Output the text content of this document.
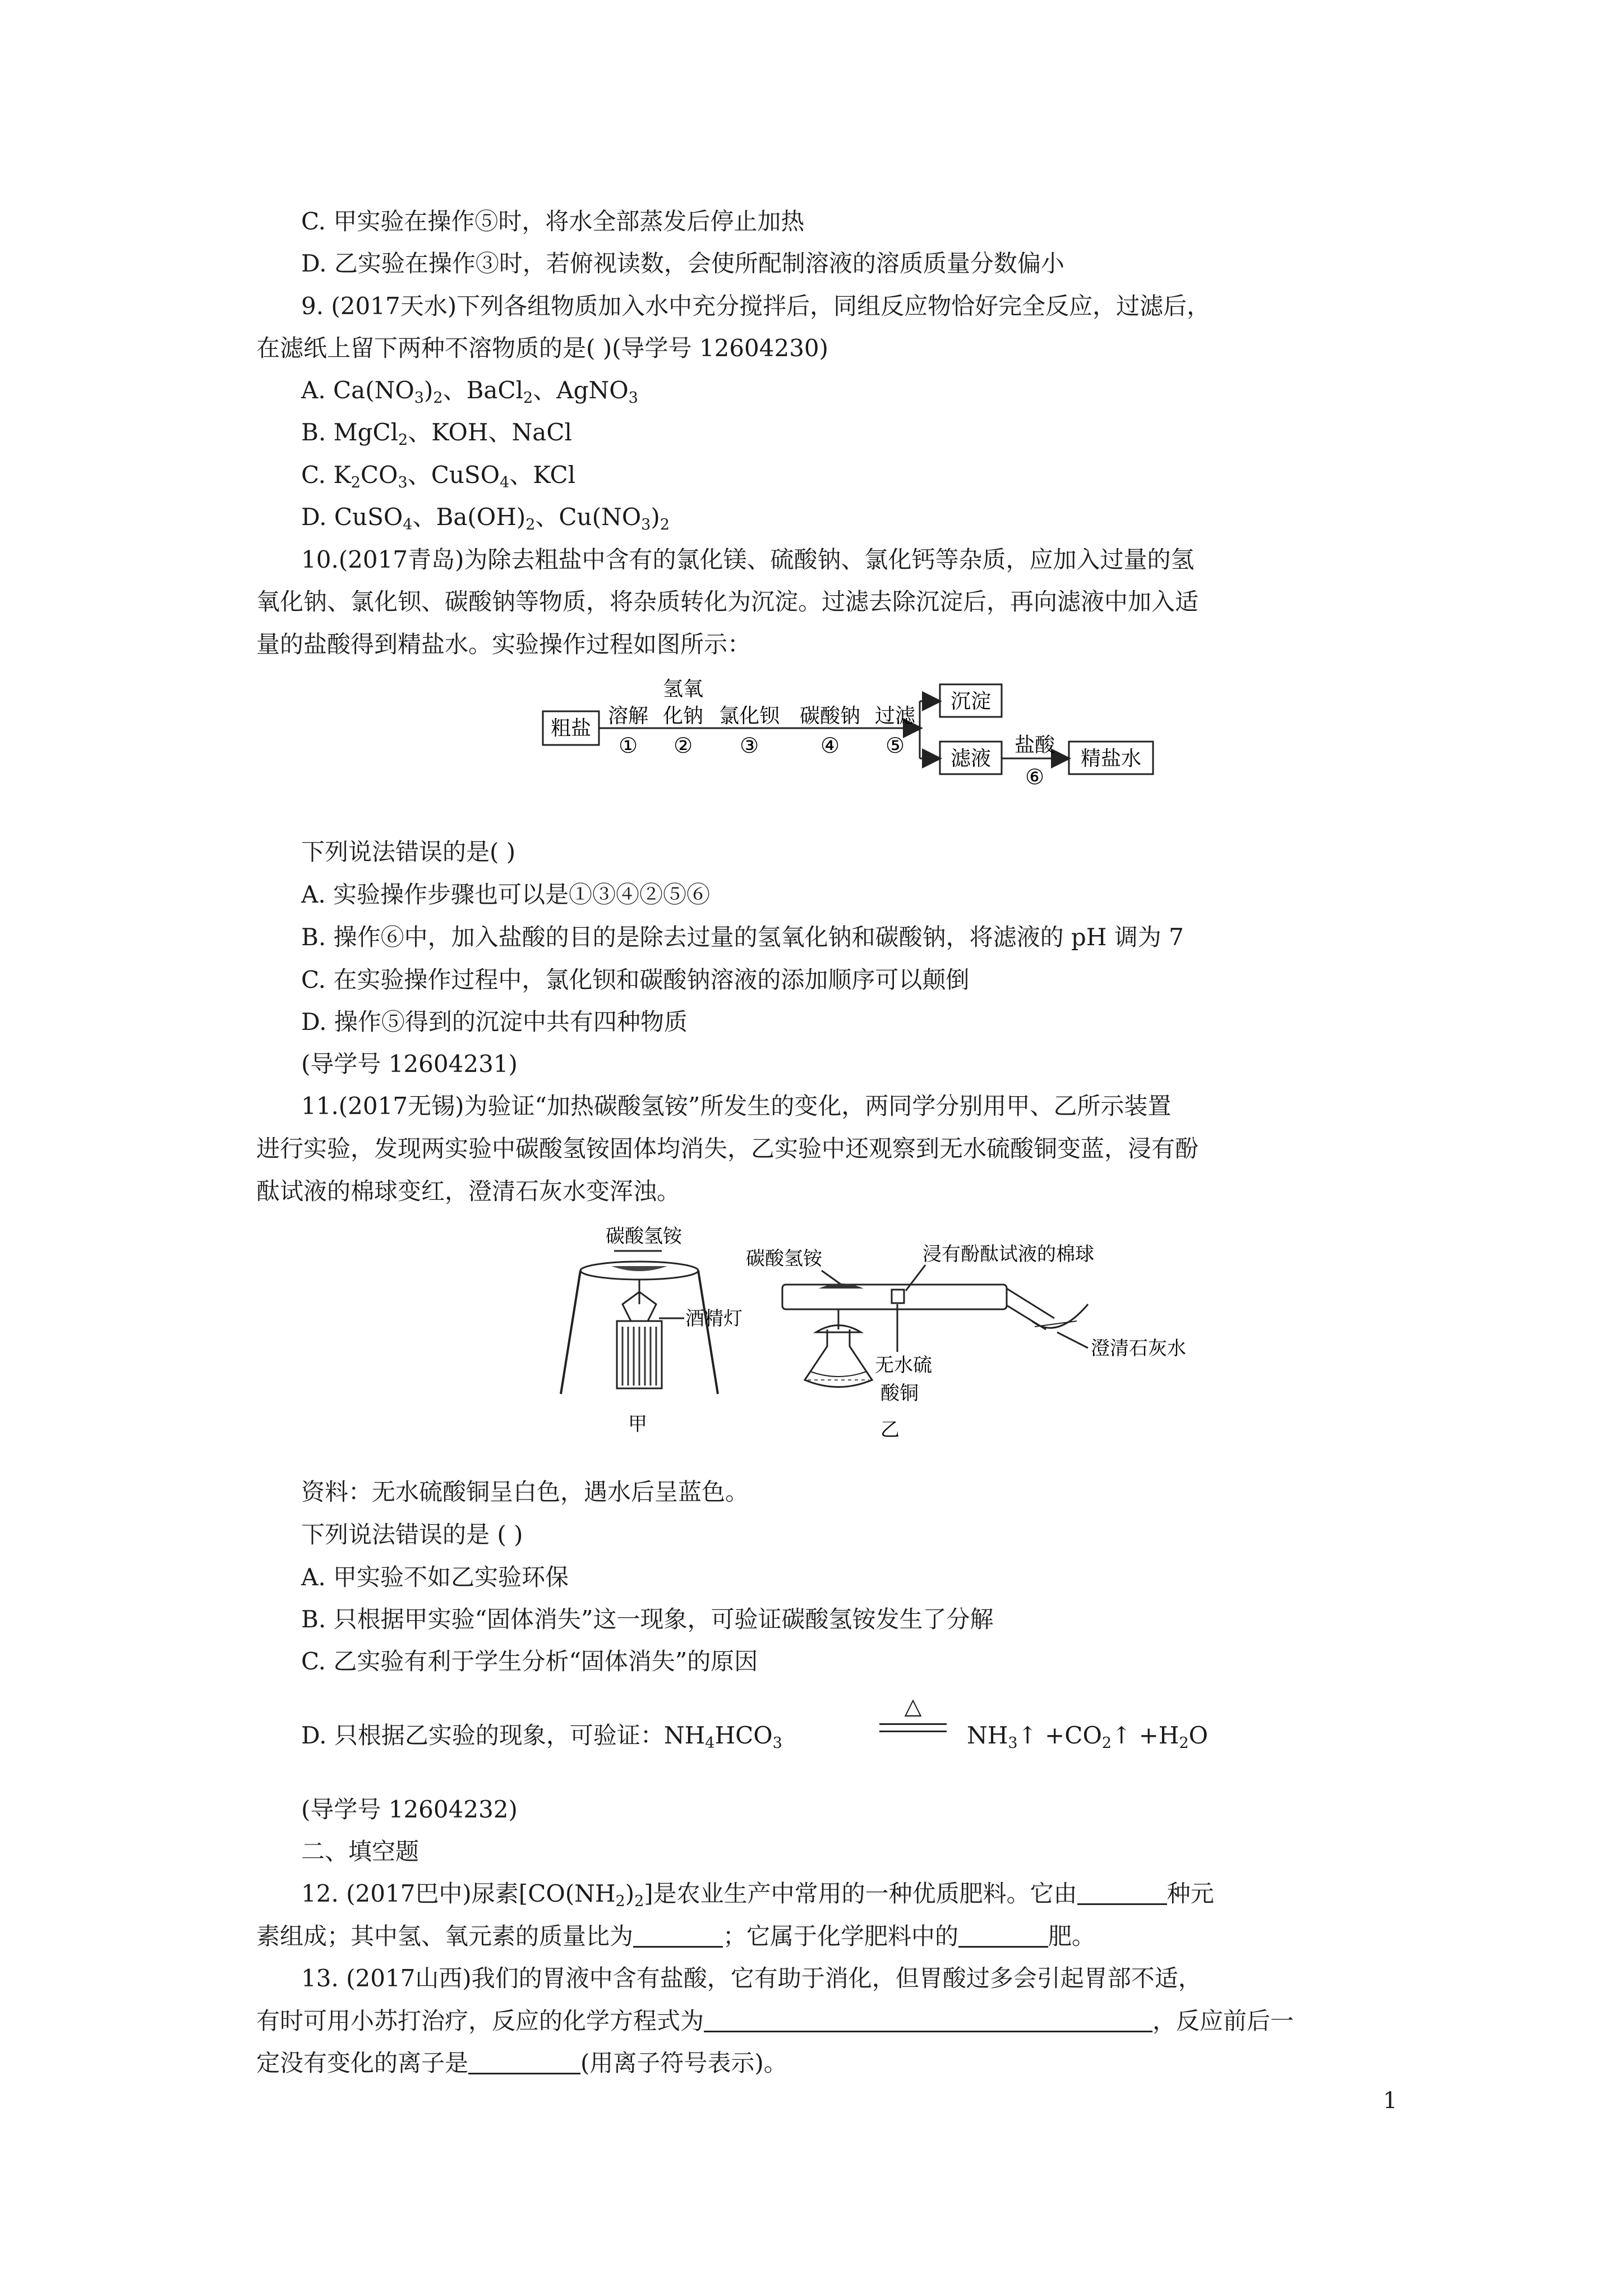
C. 甲实验在操作⑤时，将水全部蒸发后停止加热

D. 乙实验在操作③时，若俯视读数，会使所配制溶液的溶质质量分数偏小

9. (2017天水)下列各组物质加入水中充分搅拌后，同组反应物恰好完全反应，过滤后，

在滤纸上留下两种不溶物质的是( )(导学号 12604230)

A. $Ca(NO_3)_2$、BaCl$_2$、AgNO$_3$

B. MgCl$_2$、KOH、NaCl

C. $K_2CO_3$、CuSO$_4$、KCl

D. CuSO$_4$、$Ba(OH)_2$、$Cu(NO_3)_2$

10.(2017青岛)为除去粗盐中含有的氯化镁、硫酸钠、氯化钙等杂质，应加入过量的氢

氧化钠、氯化钡、碳酸钠等物质，将杂质转化为沉淀。过滤去除沉淀后，再向滤液中加入适

量的盐酸得到精盐水。实验操作过程如图所示：

粗盐
溶解
①
氢氧
化钠
②
氯化钡
③
碳酸钠
④
过滤
⑤
沉淀
滤液
盐酸
⑥
精盐水

下列说法错误的是( )

A. 实验操作步骤也可以是①③④②⑤⑥

B. 操作⑥中，加入盐酸的目的是除去过量的氢氧化钠和碳酸钠，将滤液的 pH 调为 7

C. 在实验操作过程中，氯化钡和碳酸钠溶液的添加顺序可以颠倒

D. 操作⑤得到的沉淀中共有四种物质

(导学号 12604231)

11.(2017无锡)为验证“加热碳酸氢铵”所发生的变化，两同学分别用甲、乙所示装置

进行实验，发现两实验中碳酸氢铵固体均消失，乙实验中还观察到无水硫酸铜变蓝，浸有酚

酞试液的棉球变红，澄清石灰水变浑浊。

碳酸氢铵
酒精灯
甲
碳酸氢铵	浸有酚酞试液的棉球
澄清石灰水
无水硫
酸铜
乙

资料：无水硫酸铜呈白色，遇水后呈蓝色。

下列说法错误的是 ( )

A. 甲实验不如乙实验环保

B. 只根据甲实验“固体消失”这一现象，可验证碳酸氢铵发生了分解

C. 乙实验有利于学生分析“固体消失”的原因

D. 只根据乙实验的现象，可验证：$NH_4HCO_3$

△

$NH_3↑$ $+CO_2↑ +H_2O$

(导学号 12604232)

二、填空题

12. (2017巴中)尿素$[CO(NH_2)_2]$是农业生产中常用的一种优质肥料。它由	种元

素组成；其中氢、氧元素的质量比为	；它属于化学肥料中的	肥。

13. (2017山西)我们的胃液中含有盐酸，它有助于消化，但胃酸过多会引起胃部不适，

有时可用小苏打治疗，反应的化学方程式为	，反应前后一

定没有变化的离子是	(用离子符号表示)。

1
